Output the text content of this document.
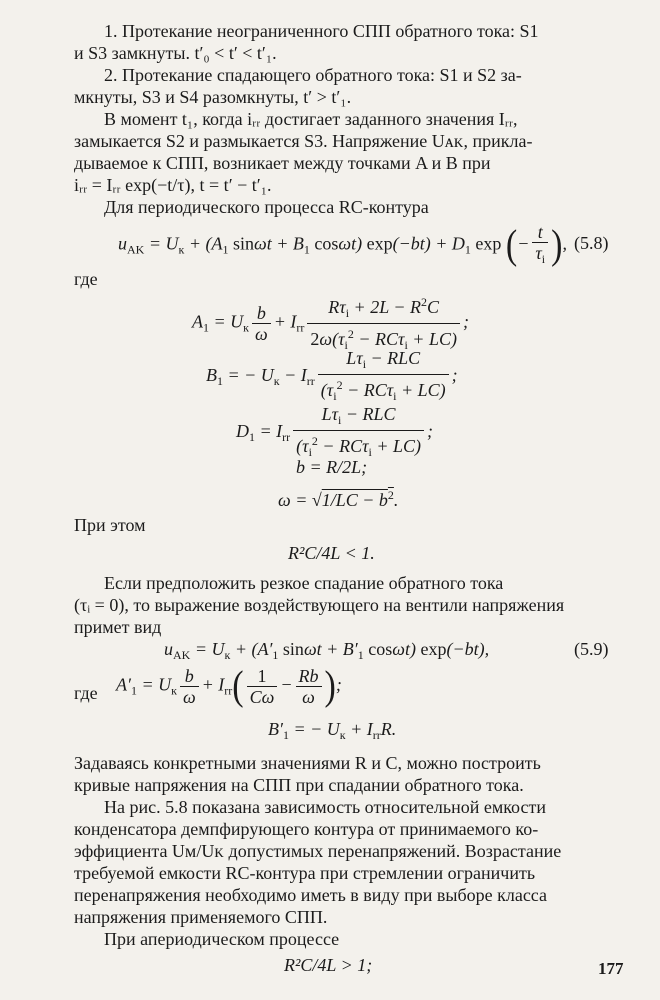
1. Протекание неограниченного СПП обратного тока: S1
и S3 замкнуты. t′₀ < t′ < t′₁.
2. Протекание спадающего обратного тока: S1 и S2 за-
мкнуты, S3 и S4 разомкнуты, t′ > t′₁.
В момент t₁, когда iᵣᵣ достигает заданного значения Iᵣᵣ,
замыкается S2 и размыкается S3. Напряжение Uᴀᴋ, прикла-
дываемое к СПП, возникает между точками A и B при
iᵣᵣ = Iᵣᵣ exp(−t/τ), t = t′ − t′₁.
Для периодического процесса RC-контура
$u_{AK} = U_к + (A_1$ $\sin\omega t + B_1$ cosωt) $\exp(-bt) + D_1$ exp (− $\frac{t}{\tau_i}$ ), (5.8)
где
$A_1 = U_к \frac{b}{\omega} + I_{rr} \frac{R\tau_i + 2L - R^2C}{2\omega(\tau_i^2 - RC\tau_i + LC)}$ ;
$B_1$ = − $U_к - I_{rr} \frac{L\tau_i - RLC}{(\tau_i^2 - RC\tau_i + LC)}$ ;
$D_1 = I_{rr} \frac{L\tau_i - RLC}{(\tau_i^2 - RC\tau_i + LC)}$ ;
b = R/2L;
$\omega = √1/LC - b^2$.
При этом
R²C/4L < 1.
Если предположить резкое спадание обратного тока
(τᵢ = 0), то выражение воздействующего на вентили напряжения
примет вид
$u_{AK} = U_к + (A'_1$ $\sin\omega t + B'_1$ cosωt) exp(−bt),	(5.9)
где $A'_1 = U_к \frac{b}{\omega} + I_{rr}( \frac{1}{C\omega} - \frac{Rb}{\omega}$ );
$B'_1$ = − $U_к + I_{rr}R$.
Задаваясь конкретными значениями R и C, можно построить
кривые напряжения на СПП при спадании обратного тока.
На рис. 5.8 показана зависимость относительной емкости
конденсатора демпфирующего контура от принимаемого ко-
эффициента Uᴍ/Uᴋ допустимых перенапряжений. Возрастание
требуемой емкости RC-контура при стремлении ограничить
перенапряжения необходимо иметь в виду при выборе класса
напряжения применяемого СПП.
При апериодическом процессе
R²C/4L > 1;	177
